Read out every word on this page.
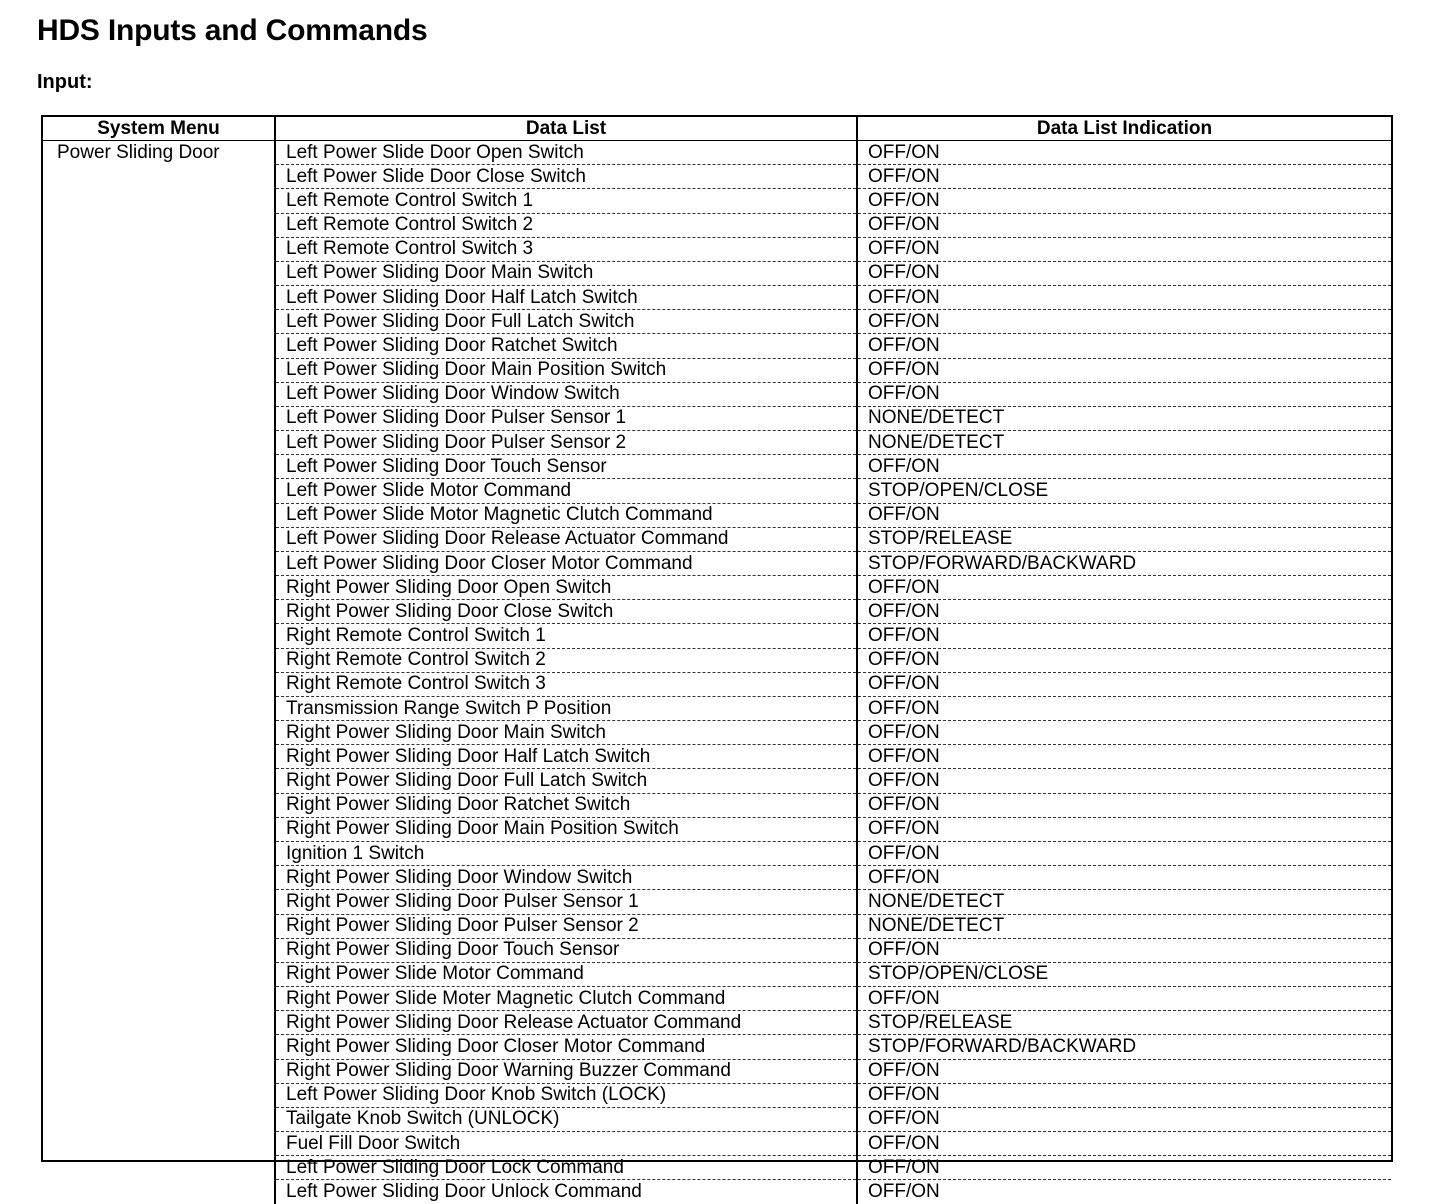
HDS Inputs and Commands
Input:
System Menu	Data List	Data List Indication
Power Sliding Door	Left Power Slide Door Open Switch	OFF/ON
	Left Power Slide Door Close Switch	OFF/ON
	Left Remote Control Switch 1	OFF/ON
	Left Remote Control Switch 2	OFF/ON
	Left Remote Control Switch 3	OFF/ON
	Left Power Sliding Door Main Switch	OFF/ON
	Left Power Sliding Door Half Latch Switch	OFF/ON
	Left Power Sliding Door Full Latch Switch	OFF/ON
	Left Power Sliding Door Ratchet Switch	OFF/ON
	Left Power Sliding Door Main Position Switch	OFF/ON
	Left Power Sliding Door Window Switch	OFF/ON
	Left Power Sliding Door Pulser Sensor 1	NONE/DETECT
	Left Power Sliding Door Pulser Sensor 2	NONE/DETECT
	Left Power Sliding Door Touch Sensor	OFF/ON
	Left Power Slide Motor Command	STOP/OPEN/CLOSE
	Left Power Slide Motor Magnetic Clutch Command	OFF/ON
	Left Power Sliding Door Release Actuator Command	STOP/RELEASE
	Left Power Sliding Door Closer Motor Command	STOP/FORWARD/BACKWARD
	Right Power Sliding Door Open Switch	OFF/ON
	Right Power Sliding Door Close Switch	OFF/ON
	Right Remote Control Switch 1	OFF/ON
	Right Remote Control Switch 2	OFF/ON
	Right Remote Control Switch 3	OFF/ON
	Transmission Range Switch P Position	OFF/ON
	Right Power Sliding Door Main Switch	OFF/ON
	Right Power Sliding Door Half Latch Switch	OFF/ON
	Right Power Sliding Door Full Latch Switch	OFF/ON
	Right Power Sliding Door Ratchet Switch	OFF/ON
	Right Power Sliding Door Main Position Switch	OFF/ON
	Ignition 1 Switch	OFF/ON
	Right Power Sliding Door Window Switch	OFF/ON
	Right Power Sliding Door Pulser Sensor 1	NONE/DETECT
	Right Power Sliding Door Pulser Sensor 2	NONE/DETECT
	Right Power Sliding Door Touch Sensor	OFF/ON
	Right Power Slide Motor Command	STOP/OPEN/CLOSE
	Right Power Slide Moter Magnetic Clutch Command	OFF/ON
	Right Power Sliding Door Release Actuator Command	STOP/RELEASE
	Right Power Sliding Door Closer Motor Command	STOP/FORWARD/BACKWARD
	Right Power Sliding Door Warning Buzzer Command	OFF/ON
	Left Power Sliding Door Knob Switch (LOCK)	OFF/ON
	Tailgate Knob Switch (UNLOCK)	OFF/ON
	Fuel Fill Door Switch	OFF/ON
	Left Power Sliding Door Lock Command	OFF/ON
	Left Power Sliding Door Unlock Command	OFF/ON
